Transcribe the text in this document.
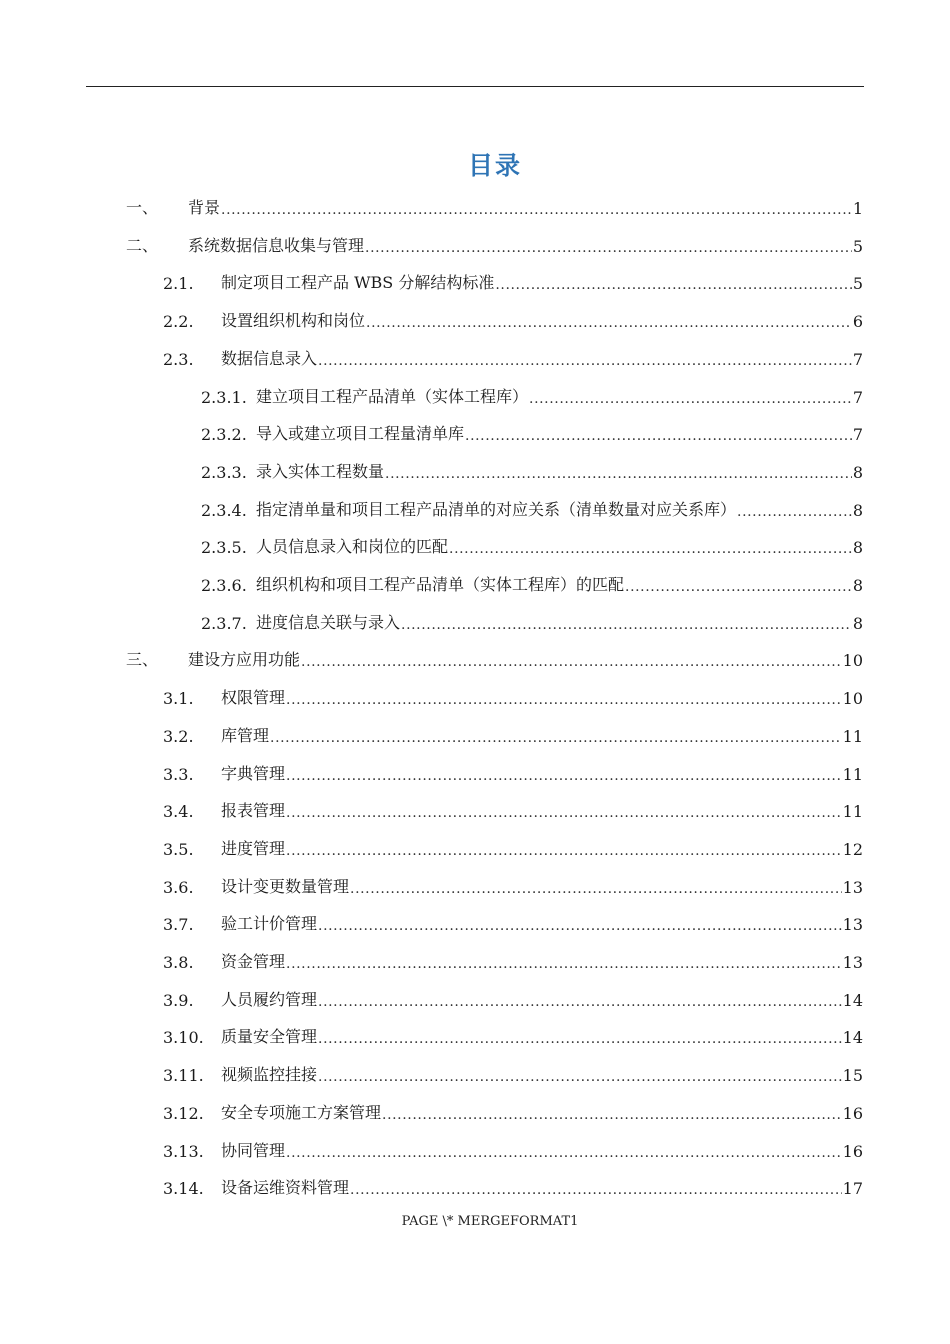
目录
一、	背景 .....	1
二、	系统数据信息收集与管理 .....	5
2.1.	制定项目工程产品 WBS 分解结构标准 .....	5
2.2.	设置组织机构和岗位 .....	6
2.3.	数据信息录入 .....	7
2.3.1. 建立项目工程产品清单（实体工程库） .....	7
2.3.2. 导入或建立项目工程量清单库 .....	7
2.3.3. 录入实体工程数量 .....	8
2.3.4. 指定清单量和项目工程产品清单的对应关系（清单数量对应关系库） .....	8
2.3.5. 人员信息录入和岗位的匹配 .....	8
2.3.6. 组织机构和项目工程产品清单（实体工程库）的匹配 .....	8
2.3.7. 进度信息关联与录入 .....	8
三、	建设方应用功能 .....	10
3.1.	权限管理 .....	10
3.2.	库管理 .....	11
3.3.	字典管理 .....	11
3.4.	报表管理 .....	11
3.5.	进度管理 .....	12
3.6.	设计变更数量管理 .....	13
3.7.	验工计价管理 .....	13
3.8.	资金管理 .....	13
3.9.	人员履约管理 .....	14
3.10.	质量安全管理 .....	14
3.11.	视频监控挂接 .....	15
3.12.	安全专项施工方案管理 .....	16
3.13.	协同管理 .....	16
3.14.	设备运维资料管理 .....	17
PAGE \* MERGEFORMAT1
